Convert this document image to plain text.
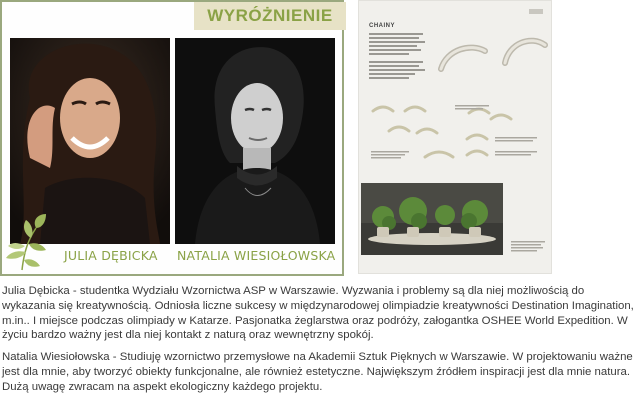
WYRÓŻNIENIE
JULIA DĘBICKA NATALIA WIESIOŁOWSKA
CHAINY

Julia Dębicka - studentka Wydziału Wzornictwa ASP w Warszawie. Wyzwania i problemy są dla niej możliwością do wykazania się kreatywnością. Odniosła liczne sukcesy w międzynarodowej olimpiadzie kreatywności Destination Imagination, m.in.. I miejsce podczas olimpiady w Katarze. Pasjonatka żeglarstwa oraz podróży, załogantka OSHEE World Expedition. W życiu bardzo ważny jest dla niej kontakt z naturą oraz wewnętrzny spokój.

Natalia Wiesiołowska - Studiuję wzornictwo przemysłowe na Akademii Sztuk Pięknych w Warszawie. W projektowaniu ważne jest dla mnie, aby tworzyć obiekty funkcjonalne, ale również estetyczne. Największym źródłem inspiracji jest dla mnie natura. Dużą uwagę zwracam na aspekt ekologiczny każdego projektu.
